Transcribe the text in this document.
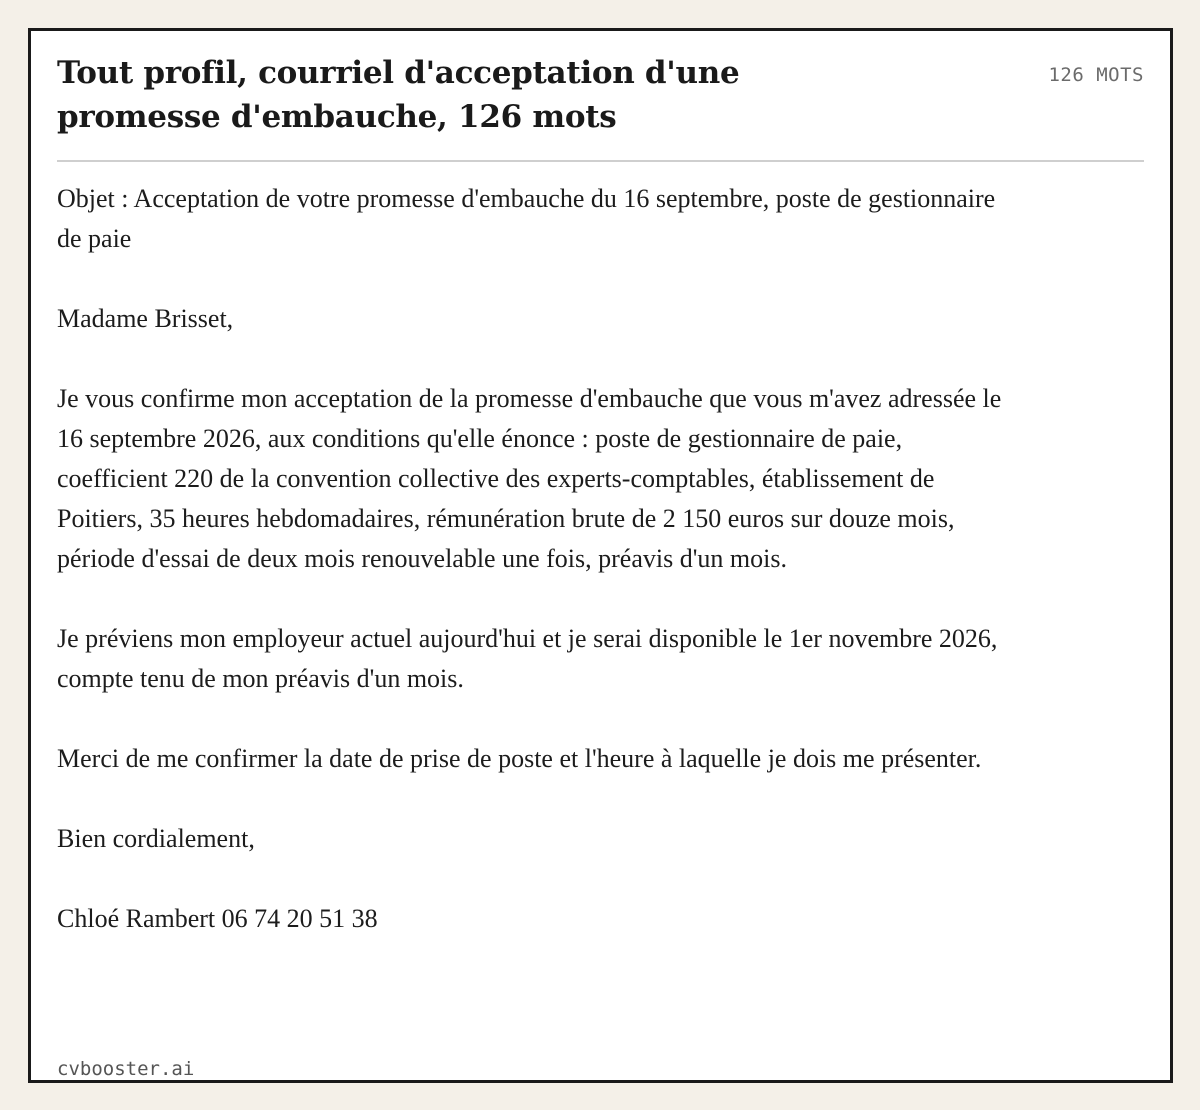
Tout profil, courriel d'acceptation d'une promesse d'embauche, 126 mots
126 MOTS

Objet : Acceptation de votre promesse d'embauche du 16 septembre, poste de gestionnaire de paie

Madame Brisset,

Je vous confirme mon acceptation de la promesse d'embauche que vous m'avez adressée le 16 septembre 2026, aux conditions qu'elle énonce : poste de gestionnaire de paie, coefficient 220 de la convention collective des experts-comptables, établissement de Poitiers, 35 heures hebdomadaires, rémunération brute de 2 150 euros sur douze mois, période d'essai de deux mois renouvelable une fois, préavis d'un mois.

Je préviens mon employeur actuel aujourd'hui et je serai disponible le 1er novembre 2026, compte tenu de mon préavis d'un mois.

Merci de me confirmer la date de prise de poste et l'heure à laquelle je dois me présenter.

Bien cordialement,

Chloé Rambert 06 74 20 51 38

cvbooster.ai
